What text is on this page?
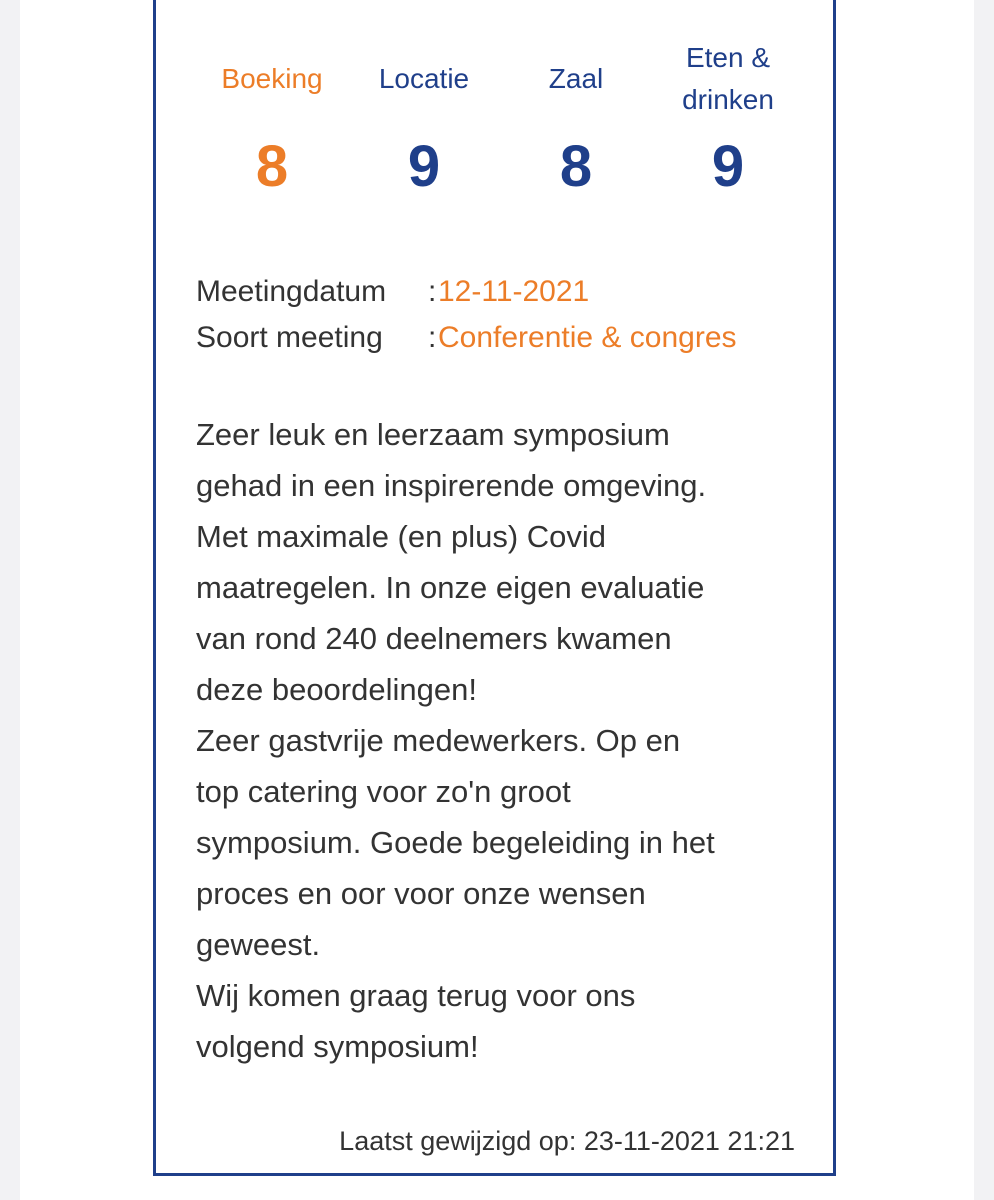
Boeking
8
Locatie
9
Zaal
8
Eten &
drinken
9
Meetingdatum	: 12-11-2021
Soort meeting	: Conferentie & congres
Zeer leuk en leerzaam symposium
gehad in een inspirerende omgeving.
Met maximale (en plus) Covid
maatregelen. In onze eigen evaluatie
van rond 240 deelnemers kwamen
deze beoordelingen!
Zeer gastvrije medewerkers. Op en
top catering voor zo'n groot
symposium. Goede begeleiding in het
proces en oor voor onze wensen
geweest.
Wij komen graag terug voor ons
volgend symposium!
Laatst gewijzigd op: 23-11-2021 21:21
